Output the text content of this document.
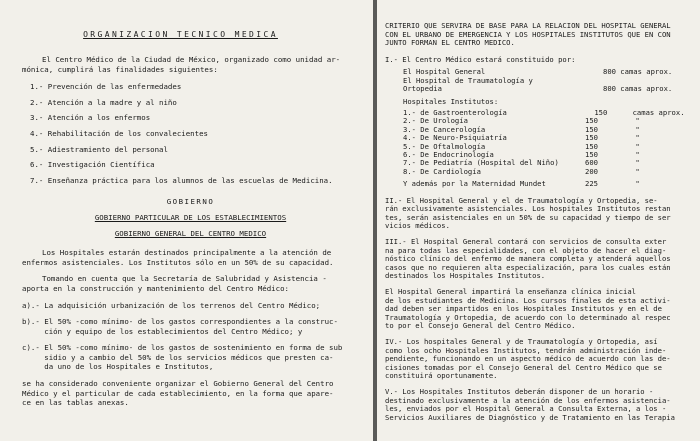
ORGANIZACION TECNICO MEDICA

El Centro Médico de la Ciudad de México, organizado como unidad ar-
mónica, cumplirá las finalidades siguientes:

1.- Prevención de las enfermedades

2.- Atención a la madre y al niño

3.- Atención a los enfermos

4.- Rehabilitación de los convalecientes

5.- Adiestramiento del personal

6.- Investigación Científica

7.- Enseñanza práctica para los alumnos de las escuelas de Medicina.

GOBIERNO

GOBIERNO PARTICULAR DE LOS ESTABLECIMIENTOS

GOBIERNO GENERAL DEL CENTRO MEDICO

Los Hospitales estarán destinados principalmente a la atención de
enfermos asistenciales. Los Institutos sólo en un 50% de su capacidad.

Tomando en cuenta que la Secretaría de Salubridad y Asistencia -
aporta en la construcción y mantenimiento del Centro Médico:

a).- La adquisición urbanización de los terrenos del Centro Médico;

b).- El 50% -como mínimo- de los gastos correspondientes a la construc-
ción y equipo de los establecimientos del Centro Médico; y

c).- El 50% -como mínimo- de los gastos de sostenimiento en forma de sub
sidio y a cambio del 50% de los servicios médicos que presten ca-
da uno de los Hospitales e Institutos,

se ha considerado conveniente organizar el Gobierno General del Centro
Médico y el particular de cada establecimiento, en la forma que apare-
ce en las tablas anexas.

CRITERIO QUE SERVIRA DE BASE PARA LA RELACION DEL HOSPITAL GENERAL
CON EL URBANO DE EMERGENCIA Y LOS HOSPITALES INSTITUTOS QUE EN CON
JUNTO FORMAN EL CENTRO MEDICO.

I.- El Centro Médico estará constituido por:

El Hospital General	800 camas aprox.
El Hospital de Traumatología y
Ortopedia	800 camas aprox.
Hospitales Institutos:
1.- de Gastroenterología	150	camas aprox.
2.- De Urología	150	"
3.- De Cancerología	150	"
4.- De Neuro-Psiquiatría	150	"
5.- De Oftalmología	150	"
6.- De Endocrinología	150	"
7.- De Pediatría (Hospital del Niño)	600	"
8.- De Cardiología	200	"
Y además por la Maternidad Mundet	225	"

II.- El Hospital General y el de Traumatología y Ortopedia, se-
rán exclusivamente asistenciales. Los hospitales Institutos restan
tes, serán asistenciales en un 50% de su capacidad y tiempo de ser
vicios médicos.

III.- El Hospital General contará con servicios de consulta exter
na para todas las especialidades, con el objeto de hacer el diag-
nóstico clínico del enfermo de manera completa y atenderá aquellos
casos que no requieren alta especialización, para los cuales están
destinados los Hospitales Institutos.

El Hospital General impartirá la enseñanza clínica inicial
de los estudiantes de Medicina. Los cursos finales de esta activi-
dad deben ser impartidos en los Hospitales Institutos y en el de
Traumatología y Ortopedia, de acuerdo con lo determinado al respec
to por el Consejo General del Centro Médico.

IV.- Los hospitales General y de Traumatología y Ortopedia, así
como los ocho Hospitales Institutos, tendrán administración inde-
pendiente, funcionando en un aspecto médico de acuerdo con las de-
cisiones tomadas por el Consejo General del Centro Médico que se
constituirá oportunamente.

V.- Los Hospitales Institutos deberán disponer de un horario -
destinado exclusivamente a la atención de los enfermos asistencia-
les, enviados por el Hospital General a Consulta Externa, a los -
Servicios Auxiliares de Diagnóstico y de Tratamiento en las Terapia
